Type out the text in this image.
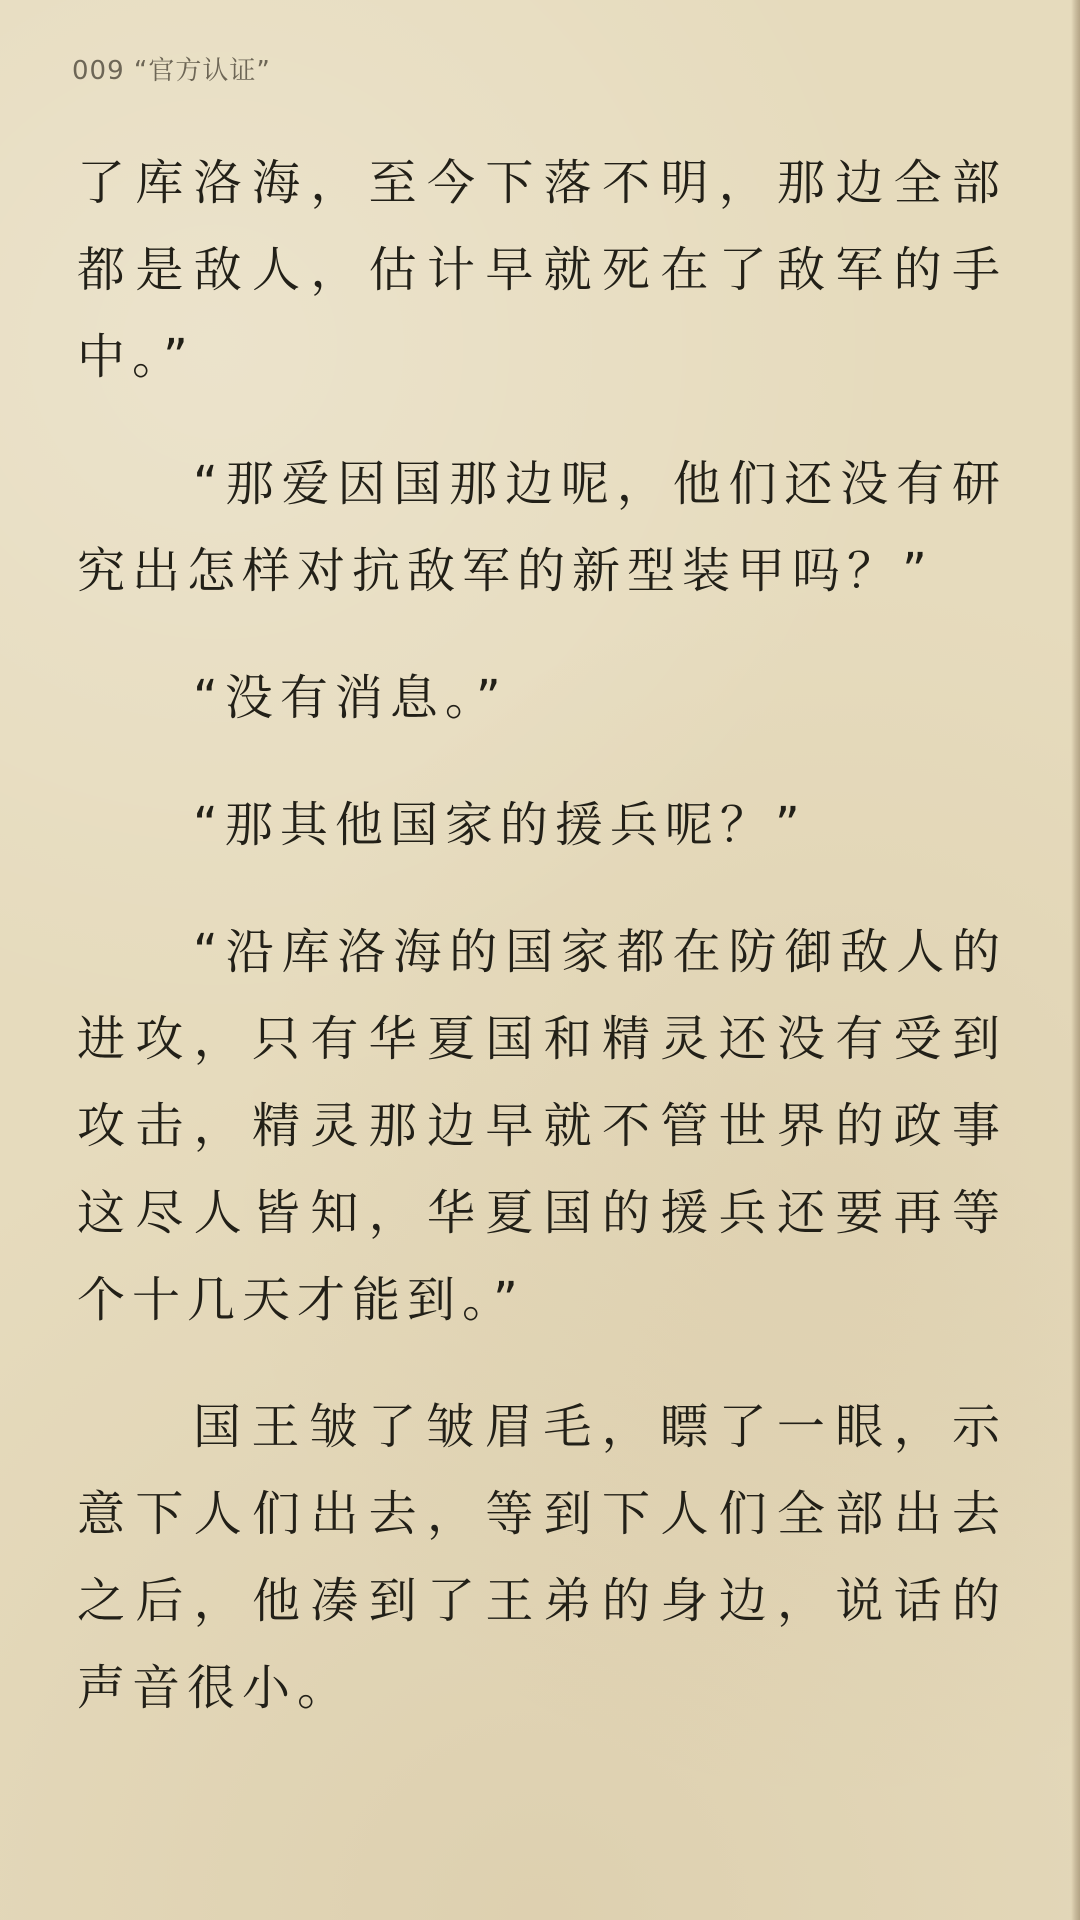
009 “官方认证”

了库洛海，至今下落不明，那边全部都是敌人，估计早就死在了敌军的手中。”

“那爱因国那边呢，他们还没有研究出怎样对抗敌军的新型装甲吗？”

“没有消息。”

“那其他国家的援兵呢？”

“沿库洛海的国家都在防御敌人的进攻，只有华夏国和精灵还没有受到攻击，精灵那边早就不管世界的政事这尽人皆知，华夏国的援兵还要再等个十几天才能到。”

国王皱了皱眉毛，瞟了一眼，示意下人们出去，等到下人们全部出去之后，他凑到了王弟的身边，说话的声音很小。
